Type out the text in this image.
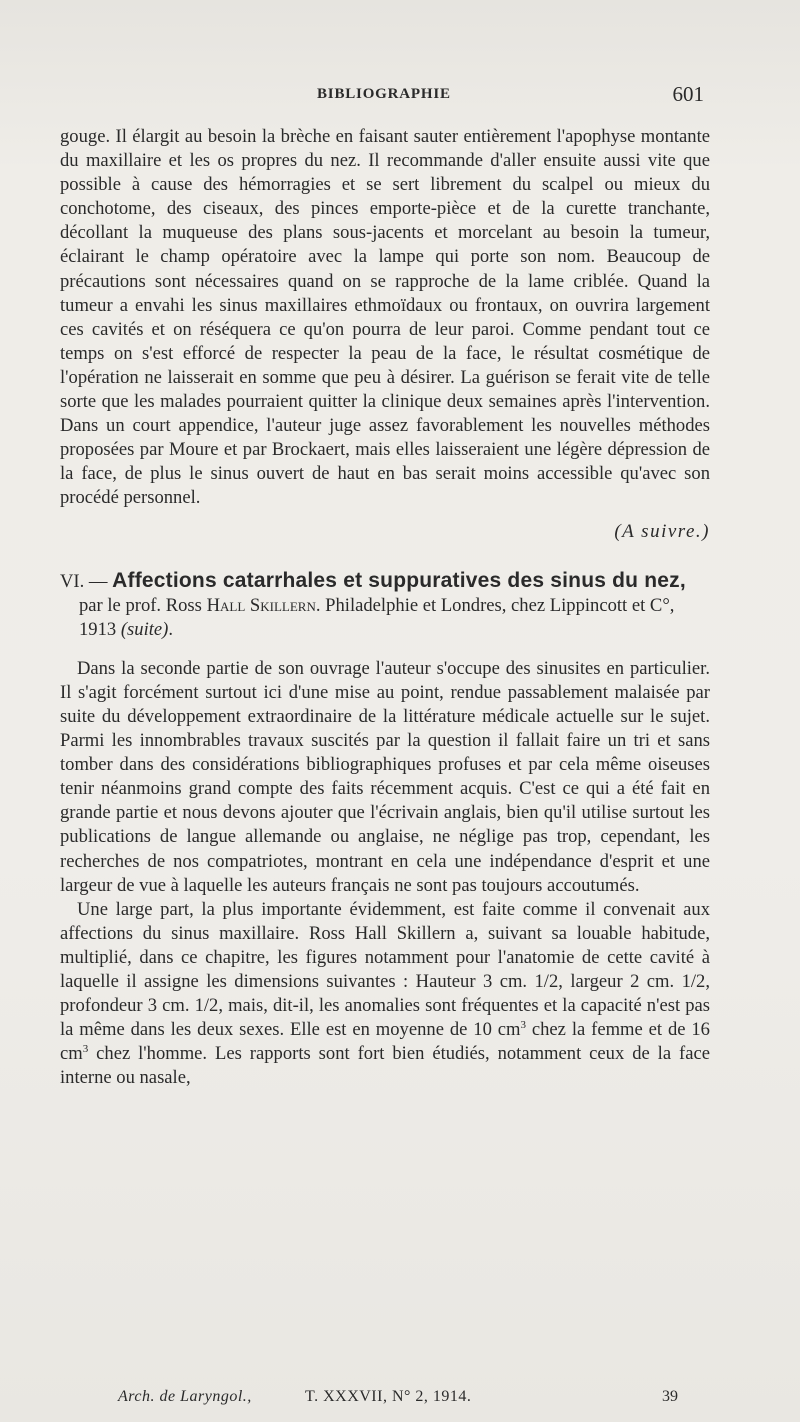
BIBLIOGRAPHIE	601

gouge. Il élargit au besoin la brèche en faisant sauter entièrement l'apophyse montante du maxillaire et les os propres du nez. Il recommande d'aller ensuite aussi vite que possible à cause des hémorragies et se sert librement du scalpel ou mieux du conchotome, des ciseaux, des pinces emporte-pièce et de la curette tranchante, décollant la muqueuse des plans sous-jacents et morcelant au besoin la tumeur, éclairant le champ opératoire avec la lampe qui porte son nom. Beaucoup de précautions sont nécessaires quand on se rapproche de la lame criblée. Quand la tumeur a envahi les sinus maxillaires ethmoïdaux ou frontaux, on ouvrira largement ces cavités et on réséquera ce qu'on pourra de leur paroi. Comme pendant tout ce temps on s'est efforcé de respecter la peau de la face, le résultat cosmétique de l'opération ne laisserait en somme que peu à désirer. La guérison se ferait vite de telle sorte que les malades pourraient quitter la clinique deux semaines après l'intervention. Dans un court appendice, l'auteur juge assez favorablement les nouvelles méthodes proposées par Moure et par Brockaert, mais elles laisseraient une légère dépression de la face, de plus le sinus ouvert de haut en bas serait moins accessible qu'avec son procédé personnel.

(A suivre.)

VI. — Affections catarrhales et suppuratives des sinus du nez, par le prof. Ross Hall Skillern. Philadelphie et Londres, chez Lippincott et C°, 1913 (suite).

Dans la seconde partie de son ouvrage l'auteur s'occupe des sinusites en particulier. Il s'agit forcément surtout ici d'une mise au point, rendue passablement malaisée par suite du développement extraordinaire de la littérature médicale actuelle sur le sujet. Parmi les innombrables travaux suscités par la question il fallait faire un tri et sans tomber dans des considérations bibliographiques profuses et par cela même oiseuses tenir néanmoins grand compte des faits récemment acquis. C'est ce qui a été fait en grande partie et nous devons ajouter que l'écrivain anglais, bien qu'il utilise surtout les publications de langue allemande ou anglaise, ne néglige pas trop, cependant, les recherches de nos compatriotes, montrant en cela une indépendance d'esprit et une largeur de vue à laquelle les auteurs français ne sont pas toujours accoutumés.

Une large part, la plus importante évidemment, est faite comme il convenait aux affections du sinus maxillaire. Ross Hall Skillern a, suivant sa louable habitude, multiplié, dans ce chapitre, les figures notamment pour l'anatomie de cette cavité à laquelle il assigne les dimensions suivantes : Hauteur 3 cm. 1/2, largeur 2 cm. 1/2, profondeur 3 cm. 1/2, mais, dit-il, les anomalies sont fréquentes et la capacité n'est pas la même dans les deux sexes. Elle est en moyenne de 10 $cm^3$ chez la femme et de 16 $cm^3$ chez l'homme. Les rapports sont fort bien étudiés, notamment ceux de la face interne ou nasale,

Arch. de Laryngol.,	T. XXXVII, N° 2, 1914.	39
